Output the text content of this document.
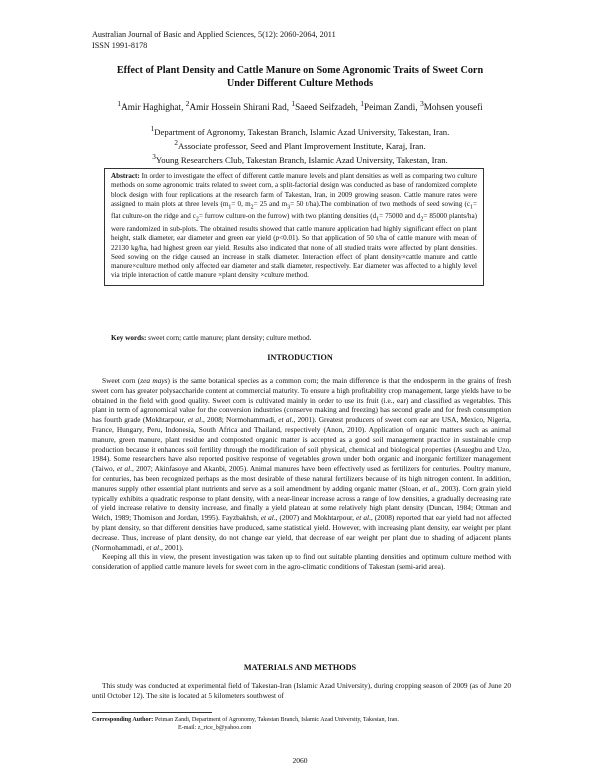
Australian Journal of Basic and Applied Sciences, 5(12): 2060-2064, 2011
ISSN 1991-8178
Effect of Plant Density and Cattle Manure on Some Agronomic Traits of Sweet Corn
Under Different Culture Methods
$^1$Amir Haghighat, $^2$Amir Hossein Shirani Rad, $^1$Saeed Seifzadeh, $^1$Peiman Zandi, $^3$Mohsen yousefi
$^1$Department of Agronomy, Takestan Branch, Islamic Azad University, Takestan, Iran.
$^2$Associate professor, Seed and Plant Improvement Institute, Karaj, Iran.
$^3$Young Researchers Club, Takestan Branch, Islamic Azad University, Takestan, Iran.
Abstract: In order to investigate the effect of different cattle manure levels and plant densities as well as comparing two culture methods on some agronomic traits related to sweet corn, a split-factorial design was conducted as base of randomized complete block design with four replications at the research farm of Takestan, Iran, in 2009 growing season. Cattle manure rates were assigned to main plots at three levels ($m_1= 0$, $m_2= 25$ and $m_3= 50$ t/ha).The combination of two methods of seed sowing ($c_1=$ flat culture-on the ridge and $c_2=$ furrow culture-on the furrow) with two planting densities ($d_1= 75000$ and $d_2= 85000$ plants/ha) were randomized in sub-plots. The obtained results showed that cattle manure application had highly significant effect on plant height, stalk diameter, ear diameter and green ear yield (p<0.01). So that application of 50 t/ha of cattle manure with mean of 22130 kg/ha, had highest green ear yield. Results also indicated that none of all studied traits were affected by plant densities. Seed sowing on the ridge caused an increase in stalk diameter. Interaction effect of plant density×cattle manure and cattle manure×culture method only affected ear diameter and stalk diameter, respectively. Ear diameter was affected to a highly level via triple interaction of cattle manure ×plant density ×culture method.
Key words: sweet corn; cattle manure; plant density; culture method.
INTRODUCTION

Sweet corn (zea mays) is the same botanical species as a common corn; the main difference is that the endosperm in the grains of fresh sweet corn has greater polysaccharide content at commercial maturity. To ensure a high profitability crop management, large yields have to be obtained in the field with good quality. Sweet corn is cultivated mainly in order to use its fruit (i.e., ear) and classified as vegetables. This plant in term of agronomical value for the conversion industries (conserve making and freezing) has second grade and for fresh consumption has fourth grade (Mokhtarpour, et al., 2008; Normohammadi, et al., 2001). Greatest producers of sweet corn ear are USA, Mexico, Nigeria, France, Hungary, Peru, Indonesia, South Africa and Thailand, respectively (Anon, 2010). Application of organic matters such as animal manure, green manure, plant residue and composted organic matter is accepted as a good soil management practice in sustainable crop production because it enhances soil fertility through the modification of soil physical, chemical and biological properties (Asuegbu and Uzo, 1984). Some researchers have also reported positive response of vegetables grown under both organic and inorganic fertilizer management (Taiwo, et al., 2007; Akinfasoye and Akanbi, 2005). Animal manures have been effectively used as fertilizers for centuries. Poultry manure, for centuries, has been recognized perhaps as the most desirable of these natural fertilizers because of its high nitrogen content. In addition, manures supply other essential plant nutrients and serve as a soil amendment by adding organic matter (Sloan, et al., 2003). Corn grain yield typically exhibits a quadratic response to plant density, with a near-linear increase across a range of low densities, a gradually decreasing rate of yield increase relative to density increase, and finally a yield plateau at some relatively high plant density (Duncan, 1984; Ottman and Welch, 1989; Thomison and Jordan, 1995). Fayzbakhsh, et al., (2007) and Mokhtarpour, et al., (2008) reported that ear yield had not affected by plant density, so that different densities have produced, same statistical yield. However, with increasing plant density, ear weight per plant decrease. Thus, increase of plant density, do not change ear yield, that decrease of ear weight per plant due to shading of adjacent plants (Normohammadi, et al., 2001).

Keeping all this in view, the present investigation was taken up to find out suitable planting densities and optimum culture method with consideration of applied cattle manure levels for sweet corn in the agro-climatic conditions of Takestan (semi-arid area).

MATERIALS AND METHODS

This study was conducted at experimental field of Takestan-Iran (Islamic Azad University), during cropping season of 2009 (as of June 20 until October 12). The site is located at 5 kilometers southwest of

Corresponding Author: Peiman Zandi, Department of Agronomy, Takestan Branch, Islamic Azad University, Takestan, Iran.
E-mail: z_rice_b@yahoo.com
2060
